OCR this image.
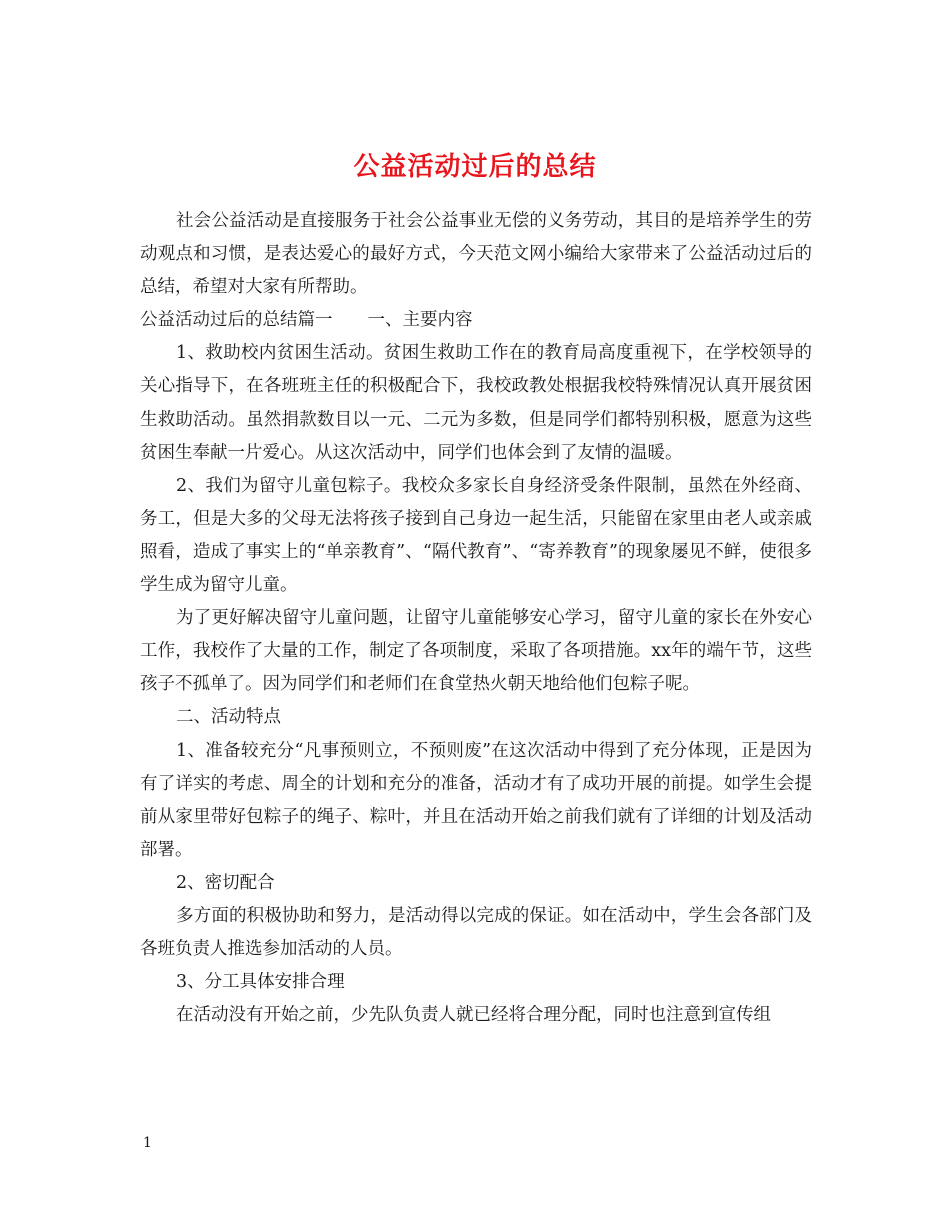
公益活动过后的总结

社会公益活动是直接服务于社会公益事业无偿的义务劳动，其目的是培养学生的劳动观点和习惯，是表达爱心的最好方式，今天范文网小编给大家带来了公益活动过后的总结，希望对大家有所帮助。

公益活动过后的总结篇一　　一、主要内容

1、救助校内贫困生活动。贫困生救助工作在的教育局高度重视下，在学校领导的关心指导下，在各班班主任的积极配合下，我校政教处根据我校特殊情况认真开展贫困生救助活动。虽然捐款数目以一元、二元为多数，但是同学们都特别积极，愿意为这些贫困生奉献一片爱心。从这次活动中，同学们也体会到了友情的温暖。

2、我们为留守儿童包粽子。我校众多家长自身经济受条件限制，虽然在外经商、务工，但是大多的父母无法将孩子接到自己身边一起生活，只能留在家里由老人或亲戚照看，造成了事实上的“单亲教育”、“隔代教育”、“寄养教育”的现象屡见不鲜，使很多学生成为留守儿童。

为了更好解决留守儿童问题，让留守儿童能够安心学习，留守儿童的家长在外安心工作，我校作了大量的工作，制定了各项制度，采取了各项措施。xx年的端午节，这些孩子不孤单了。因为同学们和老师们在食堂热火朝天地给他们包粽子呢。

二、活动特点

1、准备较充分“凡事预则立，不预则废”在这次活动中得到了充分体现，正是因为有了详实的考虑、周全的计划和充分的准备，活动才有了成功开展的前提。如学生会提前从家里带好包粽子的绳子、粽叶，并且在活动开始之前我们就有了详细的计划及活动部署。

2、密切配合

多方面的积极协助和努力，是活动得以完成的保证。如在活动中，学生会各部门及各班负责人推选参加活动的人员。

3、分工具体安排合理

在活动没有开始之前，少先队负责人就已经将合理分配，同时也注意到宣传组

1
